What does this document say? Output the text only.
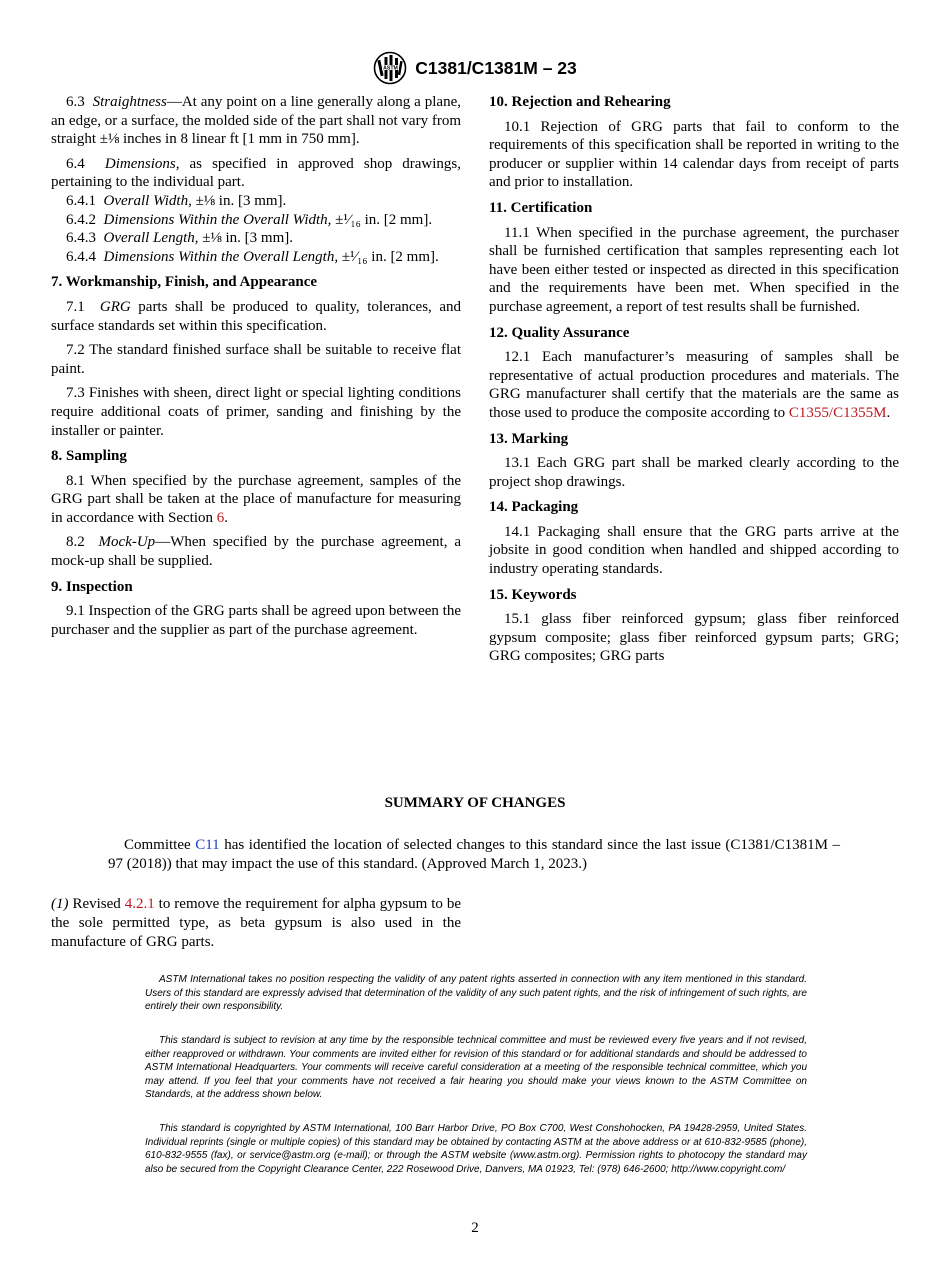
ASTM C1381/C1381M – 23

6.3 Straightness—At any point on a line generally along a plane, an edge, or a surface, the molded side of the part shall not vary from straight ±⅛ inches in 8 linear ft [1 mm in 750 mm].

6.4 Dimensions, as specified in approved shop drawings, pertaining to the individual part.

6.4.1 Overall Width, ±⅛ in. [3 mm].

6.4.2 Dimensions Within the Overall Width, ±¹⁄₁₆ in. [2 mm].

6.4.3 Overall Length, ±⅛ in. [3 mm].

6.4.4 Dimensions Within the Overall Length, ±¹⁄₁₆ in. [2 mm].

7. Workmanship, Finish, and Appearance

7.1 GRG parts shall be produced to quality, tolerances, and surface standards set within this specification.

7.2 The standard finished surface shall be suitable to receive flat paint.

7.3 Finishes with sheen, direct light or special lighting conditions require additional coats of primer, sanding and finishing by the installer or painter.

8. Sampling

8.1 When specified by the purchase agreement, samples of the GRG part shall be taken at the place of manufacture for measuring in accordance with Section 6.

8.2 Mock-Up—When specified by the purchase agreement, a mock-up shall be supplied.

9. Inspection

9.1 Inspection of the GRG parts shall be agreed upon between the purchaser and the supplier as part of the purchase agreement.

10. Rejection and Rehearing

10.1 Rejection of GRG parts that fail to conform to the requirements of this specification shall be reported in writing to the producer or supplier within 14 calendar days from receipt of parts and prior to installation.

11. Certification

11.1 When specified in the purchase agreement, the purchaser shall be furnished certification that samples representing each lot have been either tested or inspected as directed in this specification and the requirements have been met. When specified in the purchase agreement, a report of test results shall be furnished.

12. Quality Assurance

12.1 Each manufacturer’s measuring of samples shall be representative of actual production procedures and materials. The GRG manufacturer shall certify that the materials are the same as those used to produce the composite according to C1355/C1355M.

13. Marking

13.1 Each GRG part shall be marked clearly according to the project shop drawings.

14. Packaging

14.1 Packaging shall ensure that the GRG parts arrive at the jobsite in good condition when handled and shipped according to industry operating standards.

15. Keywords

15.1 glass fiber reinforced gypsum; glass fiber reinforced gypsum composite; glass fiber reinforced gypsum parts; GRG; GRG composites; GRG parts

SUMMARY OF CHANGES
Committee C11 has identified the location of selected changes to this standard since the last issue (C1381/C1381M – 97 (2018)) that may impact the use of this standard. (Approved March 1, 2023.)
(1) Revised 4.2.1 to remove the requirement for alpha gypsum to be the sole permitted type, as beta gypsum is also used in the manufacture of GRG parts.

ASTM International takes no position respecting the validity of any patent rights asserted in connection with any item mentioned in this standard. Users of this standard are expressly advised that determination of the validity of any such patent rights, and the risk of infringement of such rights, are entirely their own responsibility.

This standard is subject to revision at any time by the responsible technical committee and must be reviewed every five years and if not revised, either reapproved or withdrawn. Your comments are invited either for revision of this standard or for additional standards and should be addressed to ASTM International Headquarters. Your comments will receive careful consideration at a meeting of the responsible technical committee, which you may attend. If you feel that your comments have not received a fair hearing you should make your views known to the ASTM Committee on Standards, at the address shown below.

This standard is copyrighted by ASTM International, 100 Barr Harbor Drive, PO Box C700, West Conshohocken, PA 19428-2959, United States. Individual reprints (single or multiple copies) of this standard may be obtained by contacting ASTM at the above address or at 610-832-9585 (phone), 610-832-9555 (fax), or service@astm.org (e-mail); or through the ASTM website (www.astm.org). Permission rights to photocopy the standard may also be secured from the Copyright Clearance Center, 222 Rosewood Drive, Danvers, MA 01923, Tel: (978) 646-2600; http://www.copyright.com/

2
